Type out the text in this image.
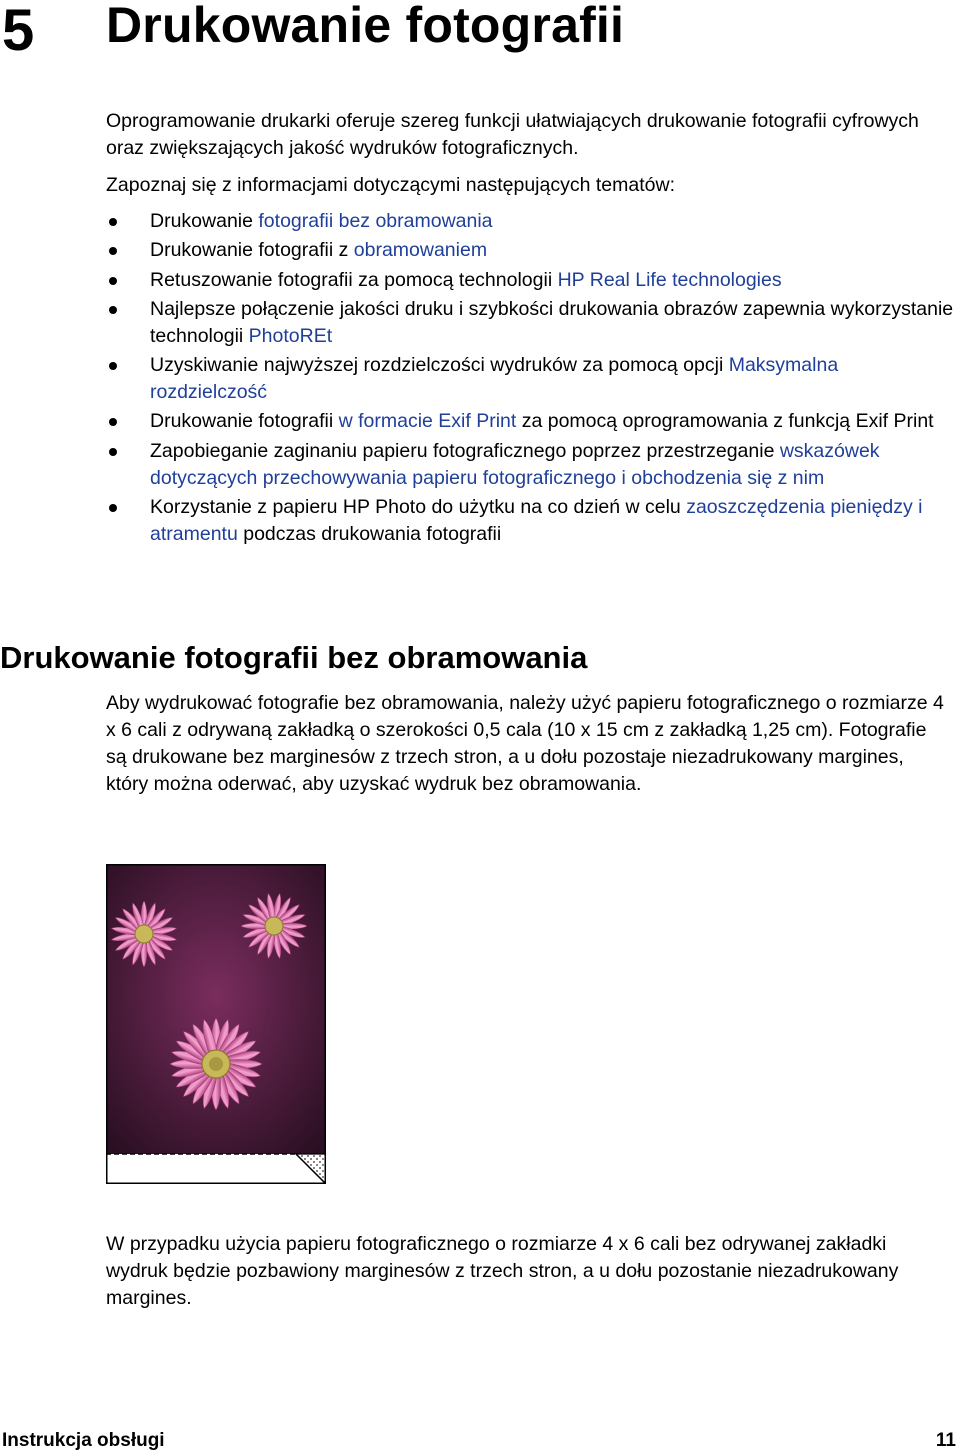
5 Drukowanie fotografii

Oprogramowanie drukarki oferuje szereg funkcji ułatwiających drukowanie fotografii cyfrowych oraz zwiększających jakość wydruków fotograficznych.

Zapoznaj się z informacjami dotyczącymi następujących tematów:

Drukowanie fotografii bez obramowania
Drukowanie fotografii z obramowaniem
Retuszowanie fotografii za pomocą technologii HP Real Life technologies
Najlepsze połączenie jakości druku i szybkości drukowania obrazów zapewnia wykorzystanie technologii PhotoREt
Uzyskiwanie najwyższej rozdzielczości wydruków za pomocą opcji Maksymalna rozdzielczość
Drukowanie fotografii w formacie Exif Print za pomocą oprogramowania z funkcją Exif Print
Zapobieganie zaginaniu papieru fotograficznego poprzez przestrzeganie wskazówek dotyczących przechowywania papieru fotograficznego i obchodzenia się z nim
Korzystanie z papieru HP Photo do użytku na co dzień w celu zaoszczędzenia pieniędzy i atramentu podczas drukowania fotografii
Drukowanie fotografii bez obramowania

Aby wydrukować fotografie bez obramowania, należy użyć papieru fotograficznego o rozmiarze 4 x 6 cali z odrywaną zakładką o szerokości 0,5 cala (10 x 15 cm z zakładką 1,25 cm). Fotografie są drukowane bez marginesów z trzech stron, a u dołu pozostaje niezadrukowany margines, który można oderwać, aby uzyskać wydruk bez obramowania.

W przypadku użycia papieru fotograficznego o rozmiarze 4 x 6 cali bez odrywanej zakładki wydruk będzie pozbawiony marginesów z trzech stron, a u dołu pozostanie niezadrukowany margines.

Instrukcja obsługi	11
